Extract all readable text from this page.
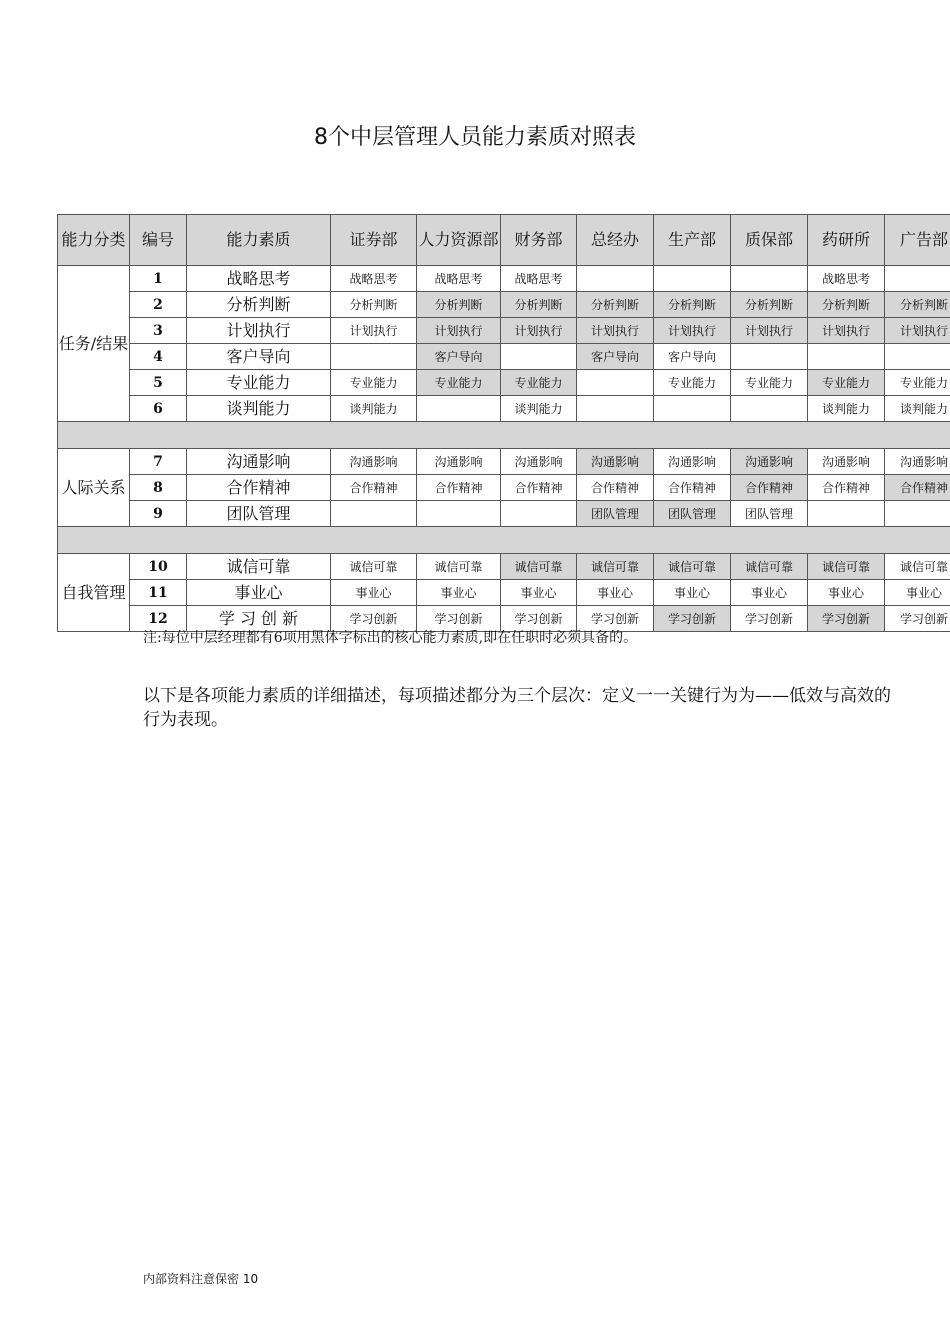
8个中层管理人员能力素质对照表
能力分类	编号	能力素质	证券部	人力资源部	财务部	总经办	生产部	质保部	药研所	广告部
任务/结果	1	战略思考	战略思考	战略思考	战略思考				战略思考	
	2	分析判断	分析判断	分析判断	分析判断	分析判断	分析判断	分析判断	分析判断	分析判断
	3	计划执行	计划执行	计划执行	计划执行	计划执行	计划执行	计划执行	计划执行	计划执行
	4	客户导向		客户导向		客户导向	客户导向			
	5	专业能力	专业能力	专业能力	专业能力		专业能力	专业能力	专业能力	专业能力
	6	谈判能力	谈判能力		谈判能力				谈判能力	谈判能力

人际关系	7	沟通影响	沟通影响	沟通影响	沟通影响	沟通影响	沟通影响	沟通影响	沟通影响	沟通影响
	8	合作精神	合作精神	合作精神	合作精神	合作精神	合作精神	合作精神	合作精神	合作精神
	9	团队管理				团队管理	团队管理	团队管理		

自我管理	10	诚信可靠	诚信可靠	诚信可靠	诚信可靠	诚信可靠	诚信可靠	诚信可靠	诚信可靠	诚信可靠
	11	事业心	事业心	事业心	事业心	事业心	事业心	事业心	事业心	事业心
	12	学 习 创 新	学习创新	学习创新	学习创新	学习创新	学习创新	学习创新	学习创新	学习创新
注:每位中层经理都有6项用黑体字标出的核心能力素质,即在任职时必须具备的。
以下是各项能力素质的详细描述，每项描述都分为三个层次：定义一一关键行为为——低效与高效的行为表现。
内部资料注意保密 10
